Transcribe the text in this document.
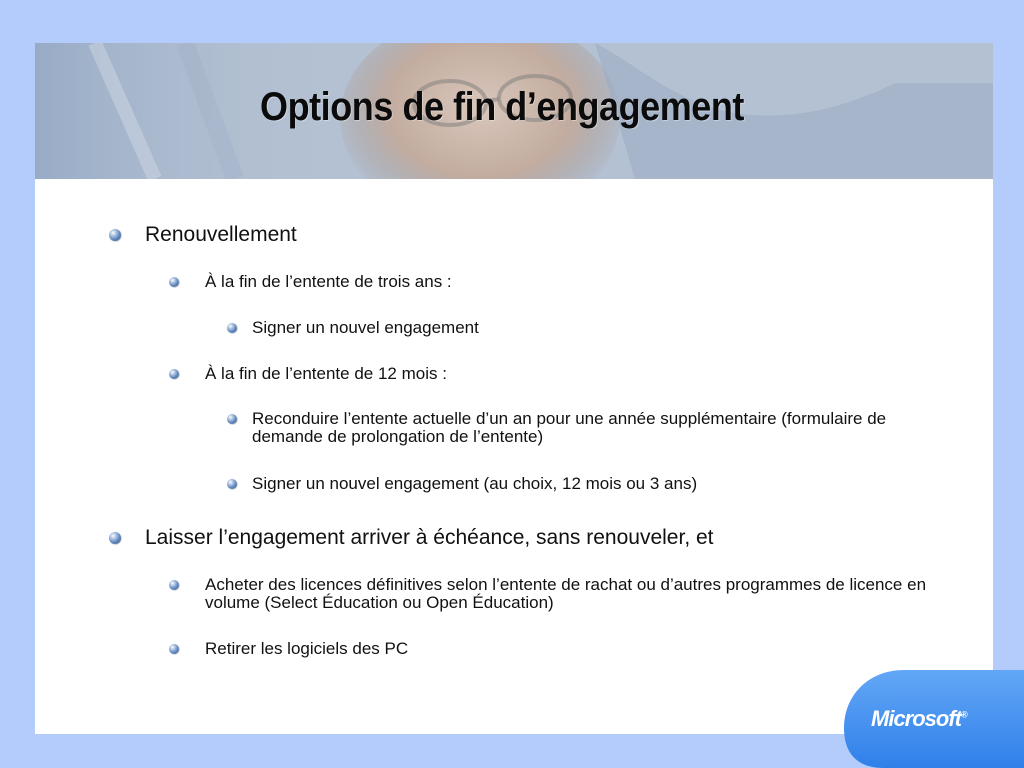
Options de fin d’engagement
Renouvellement
À la fin de l’entente de trois ans :
Signer un nouvel engagement
À la fin de l’entente de 12 mois :
Reconduire l’entente actuelle d’un an pour une année supplémentaire (formulaire de demande de prolongation de l’entente)
Signer un nouvel engagement (au choix, 12 mois ou 3 ans)
Laisser l’engagement arriver à échéance, sans renouveler, et
Acheter des licences définitives selon l’entente de rachat ou d’autres programmes de licence en volume (Select Éducation ou Open Éducation)
Retirer les logiciels des PC
Microsoft®
